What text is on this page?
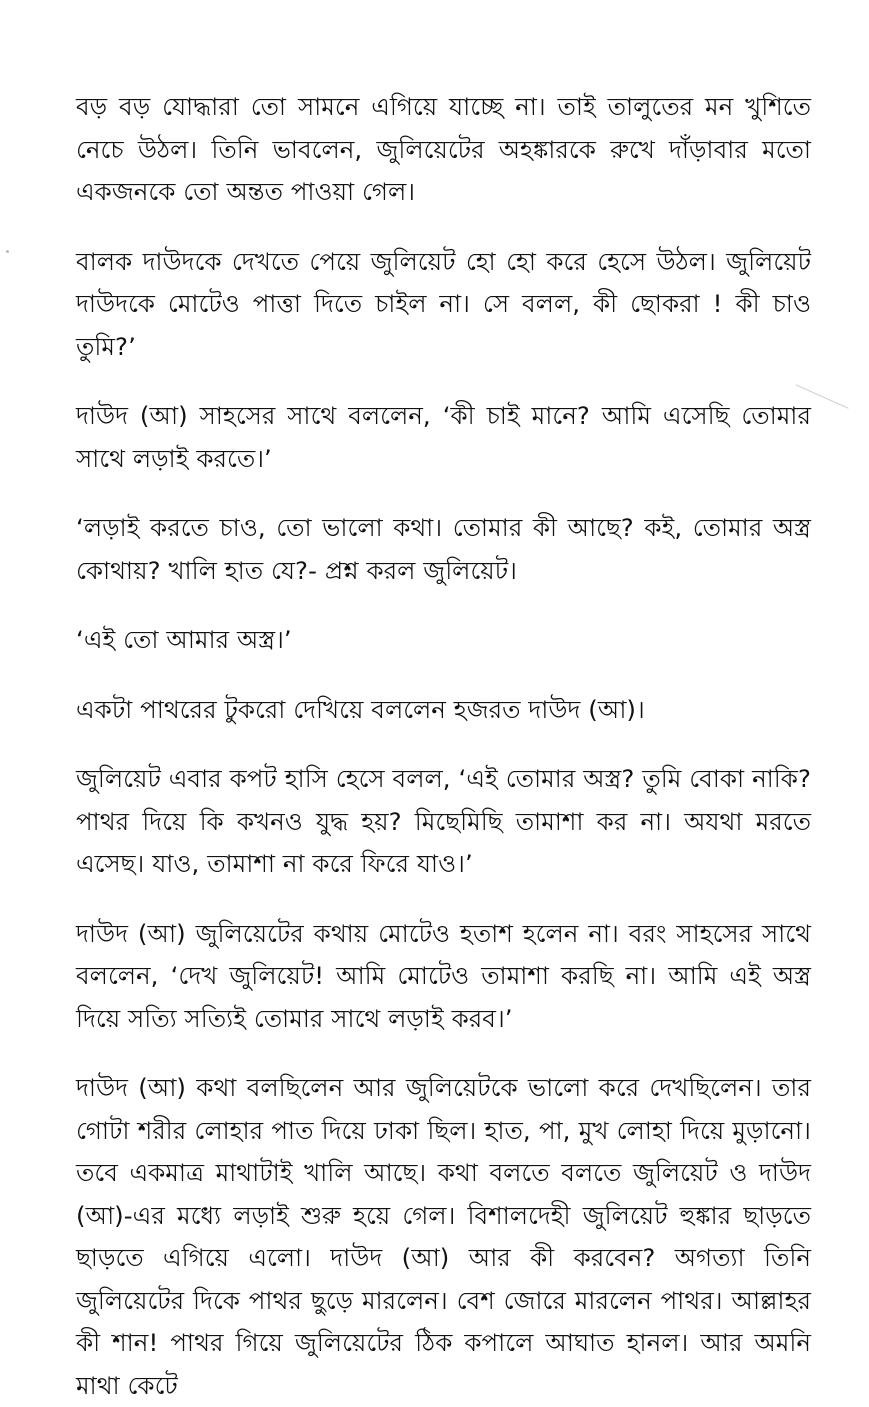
বড় বড় যোদ্ধারা তো সামনে এগিয়ে যাচ্ছে না। তাই তালুতের মন খুশিতে নেচে উঠল। তিনি ভাবলেন, জুলিয়েটের অহঙ্কারকে রুখে দাঁড়াবার মতো একজনকে তো অন্তত পাওয়া গেল।

বালক দাউদকে দেখতে পেয়ে জুলিয়েট হো হো করে হেসে উঠল। জুলিয়েট দাউদকে মোটেও পাত্তা দিতে চাইল না। সে বলল, কী ছোকরা ! কী চাও তুমি?’

দাউদ (আ) সাহসের সাথে বললেন, ‘কী চাই মানে? আমি এসেছি তোমার সাথে লড়াই করতে।’

‘লড়াই করতে চাও, তো ভালো কথা। তোমার কী আছে? কই, তোমার অস্ত্র কোথায়? খালি হাত যে?- প্রশ্ন করল জুলিয়েট।

‘এই তো আমার অস্ত্র।’

একটা পাথরের টুকরো দেখিয়ে বললেন হজরত দাউদ (আ)।

জুলিয়েট এবার কপট হাসি হেসে বলল, ‘এই তোমার অস্ত্র? তুমি বোকা নাকি? পাথর দিয়ে কি কখনও যুদ্ধ হয়? মিছেমিছি তামাশা কর না। অযথা মরতে এসেছ। যাও, তামাশা না করে ফিরে যাও।’

দাউদ (আ) জুলিয়েটের কথায় মোটেও হতাশ হলেন না। বরং সাহসের সাথে বললেন, ‘দেখ জুলিয়েট! আমি মোটেও তামাশা করছি না। আমি এই অস্ত্র দিয়ে সত্যি সত্যিই তোমার সাথে লড়াই করব।’

দাউদ (আ) কথা বলছিলেন আর জুলিয়েটকে ভালো করে দেখছিলেন। তার গোটা শরীর লোহার পাত দিয়ে ঢাকা ছিল। হাত, পা, মুখ লোহা দিয়ে মুড়ানো। তবে একমাত্র মাথাটাই খালি আছে। কথা বলতে বলতে জুলিয়েট ও দাউদ (আ)-এর মধ্যে লড়াই শুরু হয়ে গেল। বিশালদেহী জুলিয়েট হুঙ্কার ছাড়তে ছাড়তে এগিয়ে এলো। দাউদ (আ) আর কী করবেন? অগত্যা তিনি জুলিয়েটের দিকে পাথর ছুড়ে মারলেন। বেশ জোরে মারলেন পাথর। আল্লাহর কী শান! পাথর গিয়ে জুলিয়েটের ঠিক কপালে আঘাত হানল। আর অমনি মাথা কেটে
